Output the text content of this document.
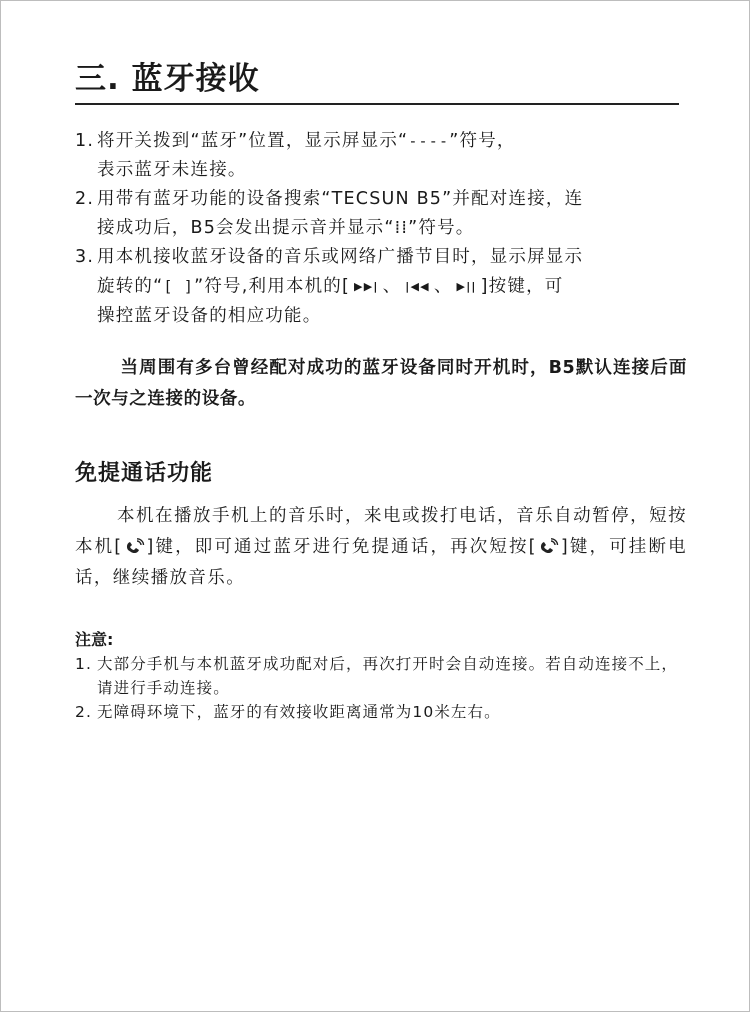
三. 蓝牙接收
1. 将开关拨到“蓝牙”位置，显示屏显示“----”符号，
表示蓝牙未连接。
2. 用带有蓝牙功能的设备搜索“TECSUN B5”并配对连接，连
接成功后，B5会发出提示音并显示“⁞⁞”符号。
3. 用本机接收蓝牙设备的音乐或网络广播节目时，显示屏显示
旋转的“[ ]”符号,利用本机的[ ▶▶| 、 |◀◀ 、 ▶|| ]按键，可
操控蓝牙设备的相应功能。
当周围有多台曾经配对成功的蓝牙设备同时开机时，B5默认连接后面一次与之连接的设备。
免提通话功能
本机在播放手机上的音乐时，来电或拨打电话，音乐自动暂停，短按本机[ ]键，即可通过蓝牙进行免提通话，再次短按[ ]键，可挂断电话，继续播放音乐。
注意:
1. 大部分手机与本机蓝牙成功配对后，再次打开时会自动连接。若自动连接不上，请进行手动连接。
2. 无障碍环境下，蓝牙的有效接收距离通常为10米左右。
